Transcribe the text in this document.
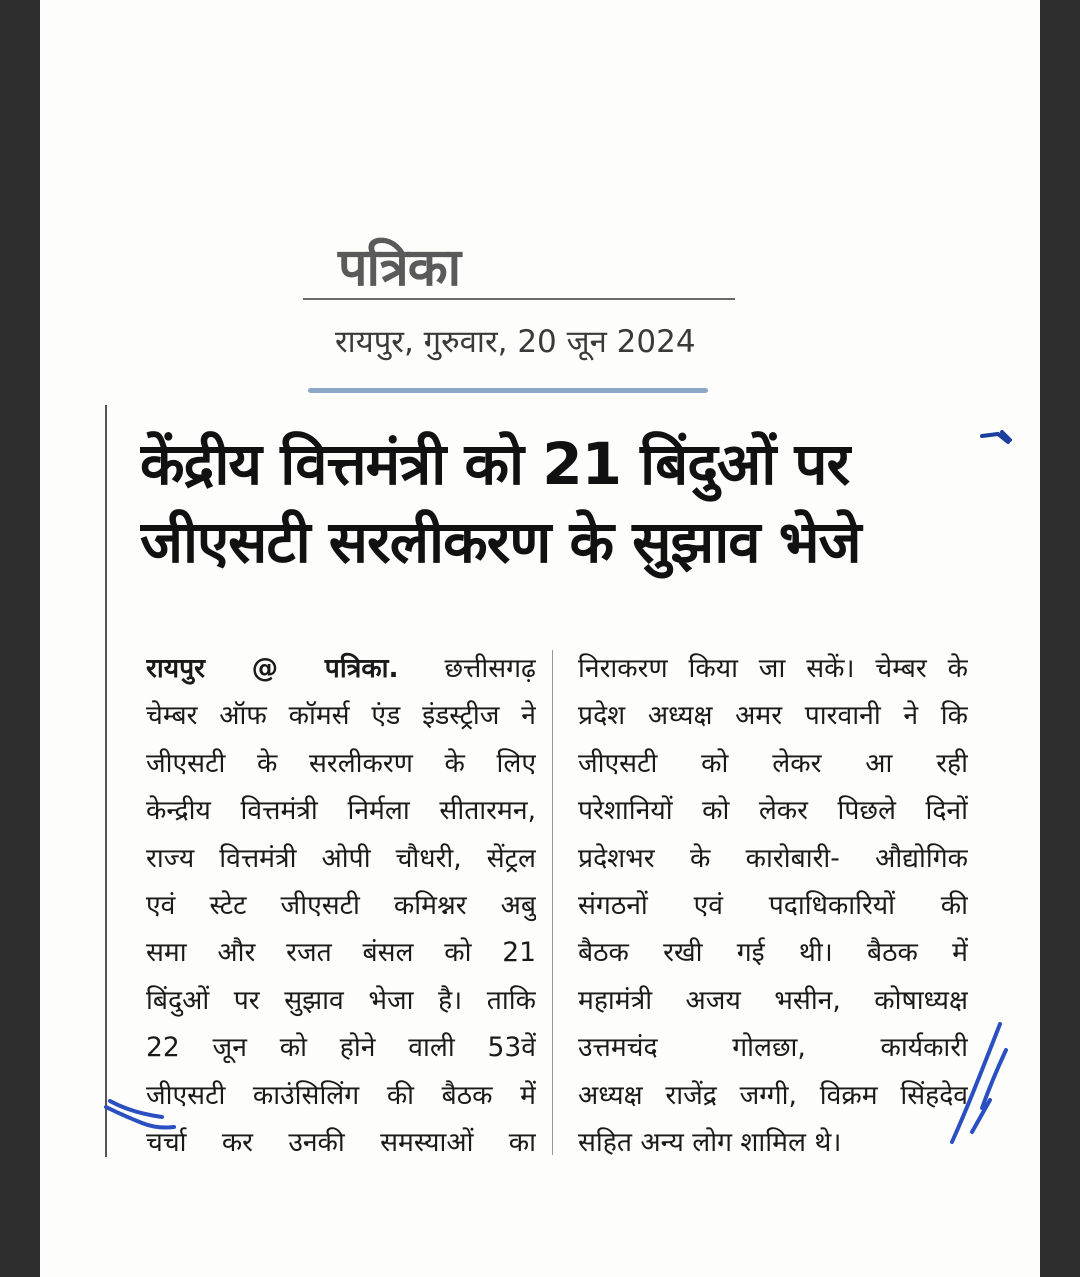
पत्रिका
रायपुर, गुरुवार, 20 जून 2024
केंद्रीय वित्तमंत्री को 21 बिंदुओं पर
जीएसटी सरलीकरण के सुझाव भेजे
रायपुर @ पत्रिका. छत्तीसगढ़
चेम्बर ऑफ कॉमर्स एंड इंडस्ट्रीज ने
जीएसटी के सरलीकरण के लिए
केन्द्रीय वित्तमंत्री निर्मला सीतारमन,
राज्य वित्तमंत्री ओपी चौधरी, सेंट्रल
एवं स्टेट जीएसटी कमिश्नर अबु
समा और रजत बंसल को 21
बिंदुओं पर सुझाव भेजा है। ताकि
22 जून को होने वाली 53वें
जीएसटी काउंसिलिंग की बैठक में
चर्चा कर उनकी समस्याओं का
निराकरण किया जा सकें। चेम्बर के
प्रदेश अध्यक्ष अमर पारवानी ने कि
जीएसटी को लेकर आ रही
परेशानियों को लेकर पिछले दिनों
प्रदेशभर के कारोबारी- औद्योगिक
संगठनों एवं पदाधिकारियों की
बैठक रखी गई थी। बैठक में
महामंत्री अजय भसीन, कोषाध्यक्ष
उत्तमचंद गोलछा, कार्यकारी
अध्यक्ष राजेंद्र जग्गी, विक्रम सिंहदेव
सहित अन्य लोग शामिल थे।
